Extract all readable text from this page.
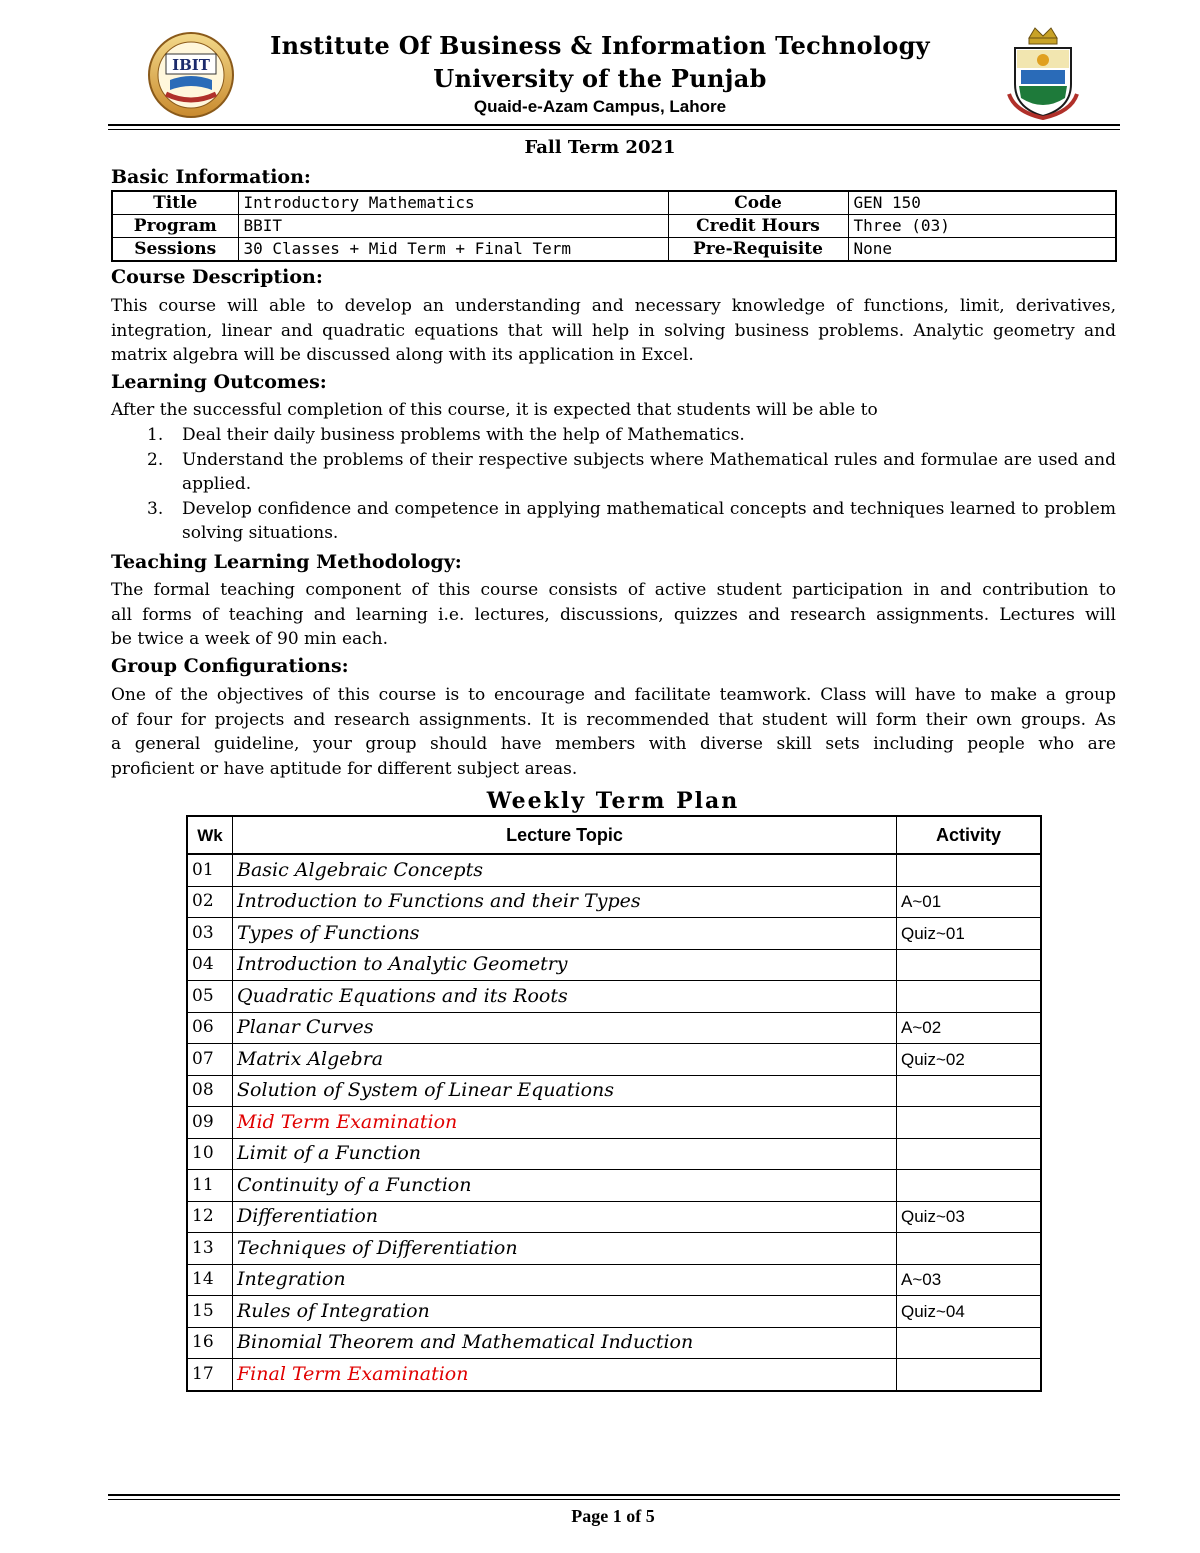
IBIT
Institute Of Business & Information Technology
University of the Punjab
Quaid-e-Azam Campus, Lahore
Fall Term 2021
Basic Information:
Title	Introductory Mathematics	Code	GEN 150
Program	BBIT	Credit Hours	Three (03)
Sessions	30 Classes + Mid Term + Final Term	Pre-Requisite	None
Course Description:
This course will able to develop an understanding and necessary knowledge of functions, limit, derivatives,
integration, linear and quadratic equations that will help in solving business problems. Analytic geometry and
matrix algebra will be discussed along with its application in Excel.
Learning Outcomes:
After the successful completion of this course, it is expected that students will be able to
1. Deal their daily business problems with the help of Mathematics.
2. Understand the problems of their respective subjects where Mathematical rules and formulae are used and applied.
3. Develop confidence and competence in applying mathematical concepts and techniques learned to problem solving situations.
Teaching Learning Methodology:
The formal teaching component of this course consists of active student participation in and contribution to
all forms of teaching and learning i.e. lectures, discussions, quizzes and research assignments. Lectures will
be twice a week of 90 min each.
Group Configurations:
One of the objectives of this course is to encourage and facilitate teamwork. Class will have to make a group
of four for projects and research assignments. It is recommended that student will form their own groups. As
a general guideline, your group should have members with diverse skill sets including people who are
proficient or have aptitude for different subject areas.
Weekly Term Plan
Wk	Lecture Topic	Activity
01	Basic Algebraic Concepts	
02	Introduction to Functions and their Types	A~01
03	Types of Functions	Quiz~01
04	Introduction to Analytic Geometry	
05	Quadratic Equations and its Roots	
06	Planar Curves	A~02
07	Matrix Algebra	Quiz~02
08	Solution of System of Linear Equations	
09	Mid Term Examination	
10	Limit of a Function	
11	Continuity of a Function	
12	Differentiation	Quiz~03
13	Techniques of Differentiation	
14	Integration	A~03
15	Rules of Integration	Quiz~04
16	Binomial Theorem and Mathematical Induction	
17	Final Term Examination	
Page 1 of 5
